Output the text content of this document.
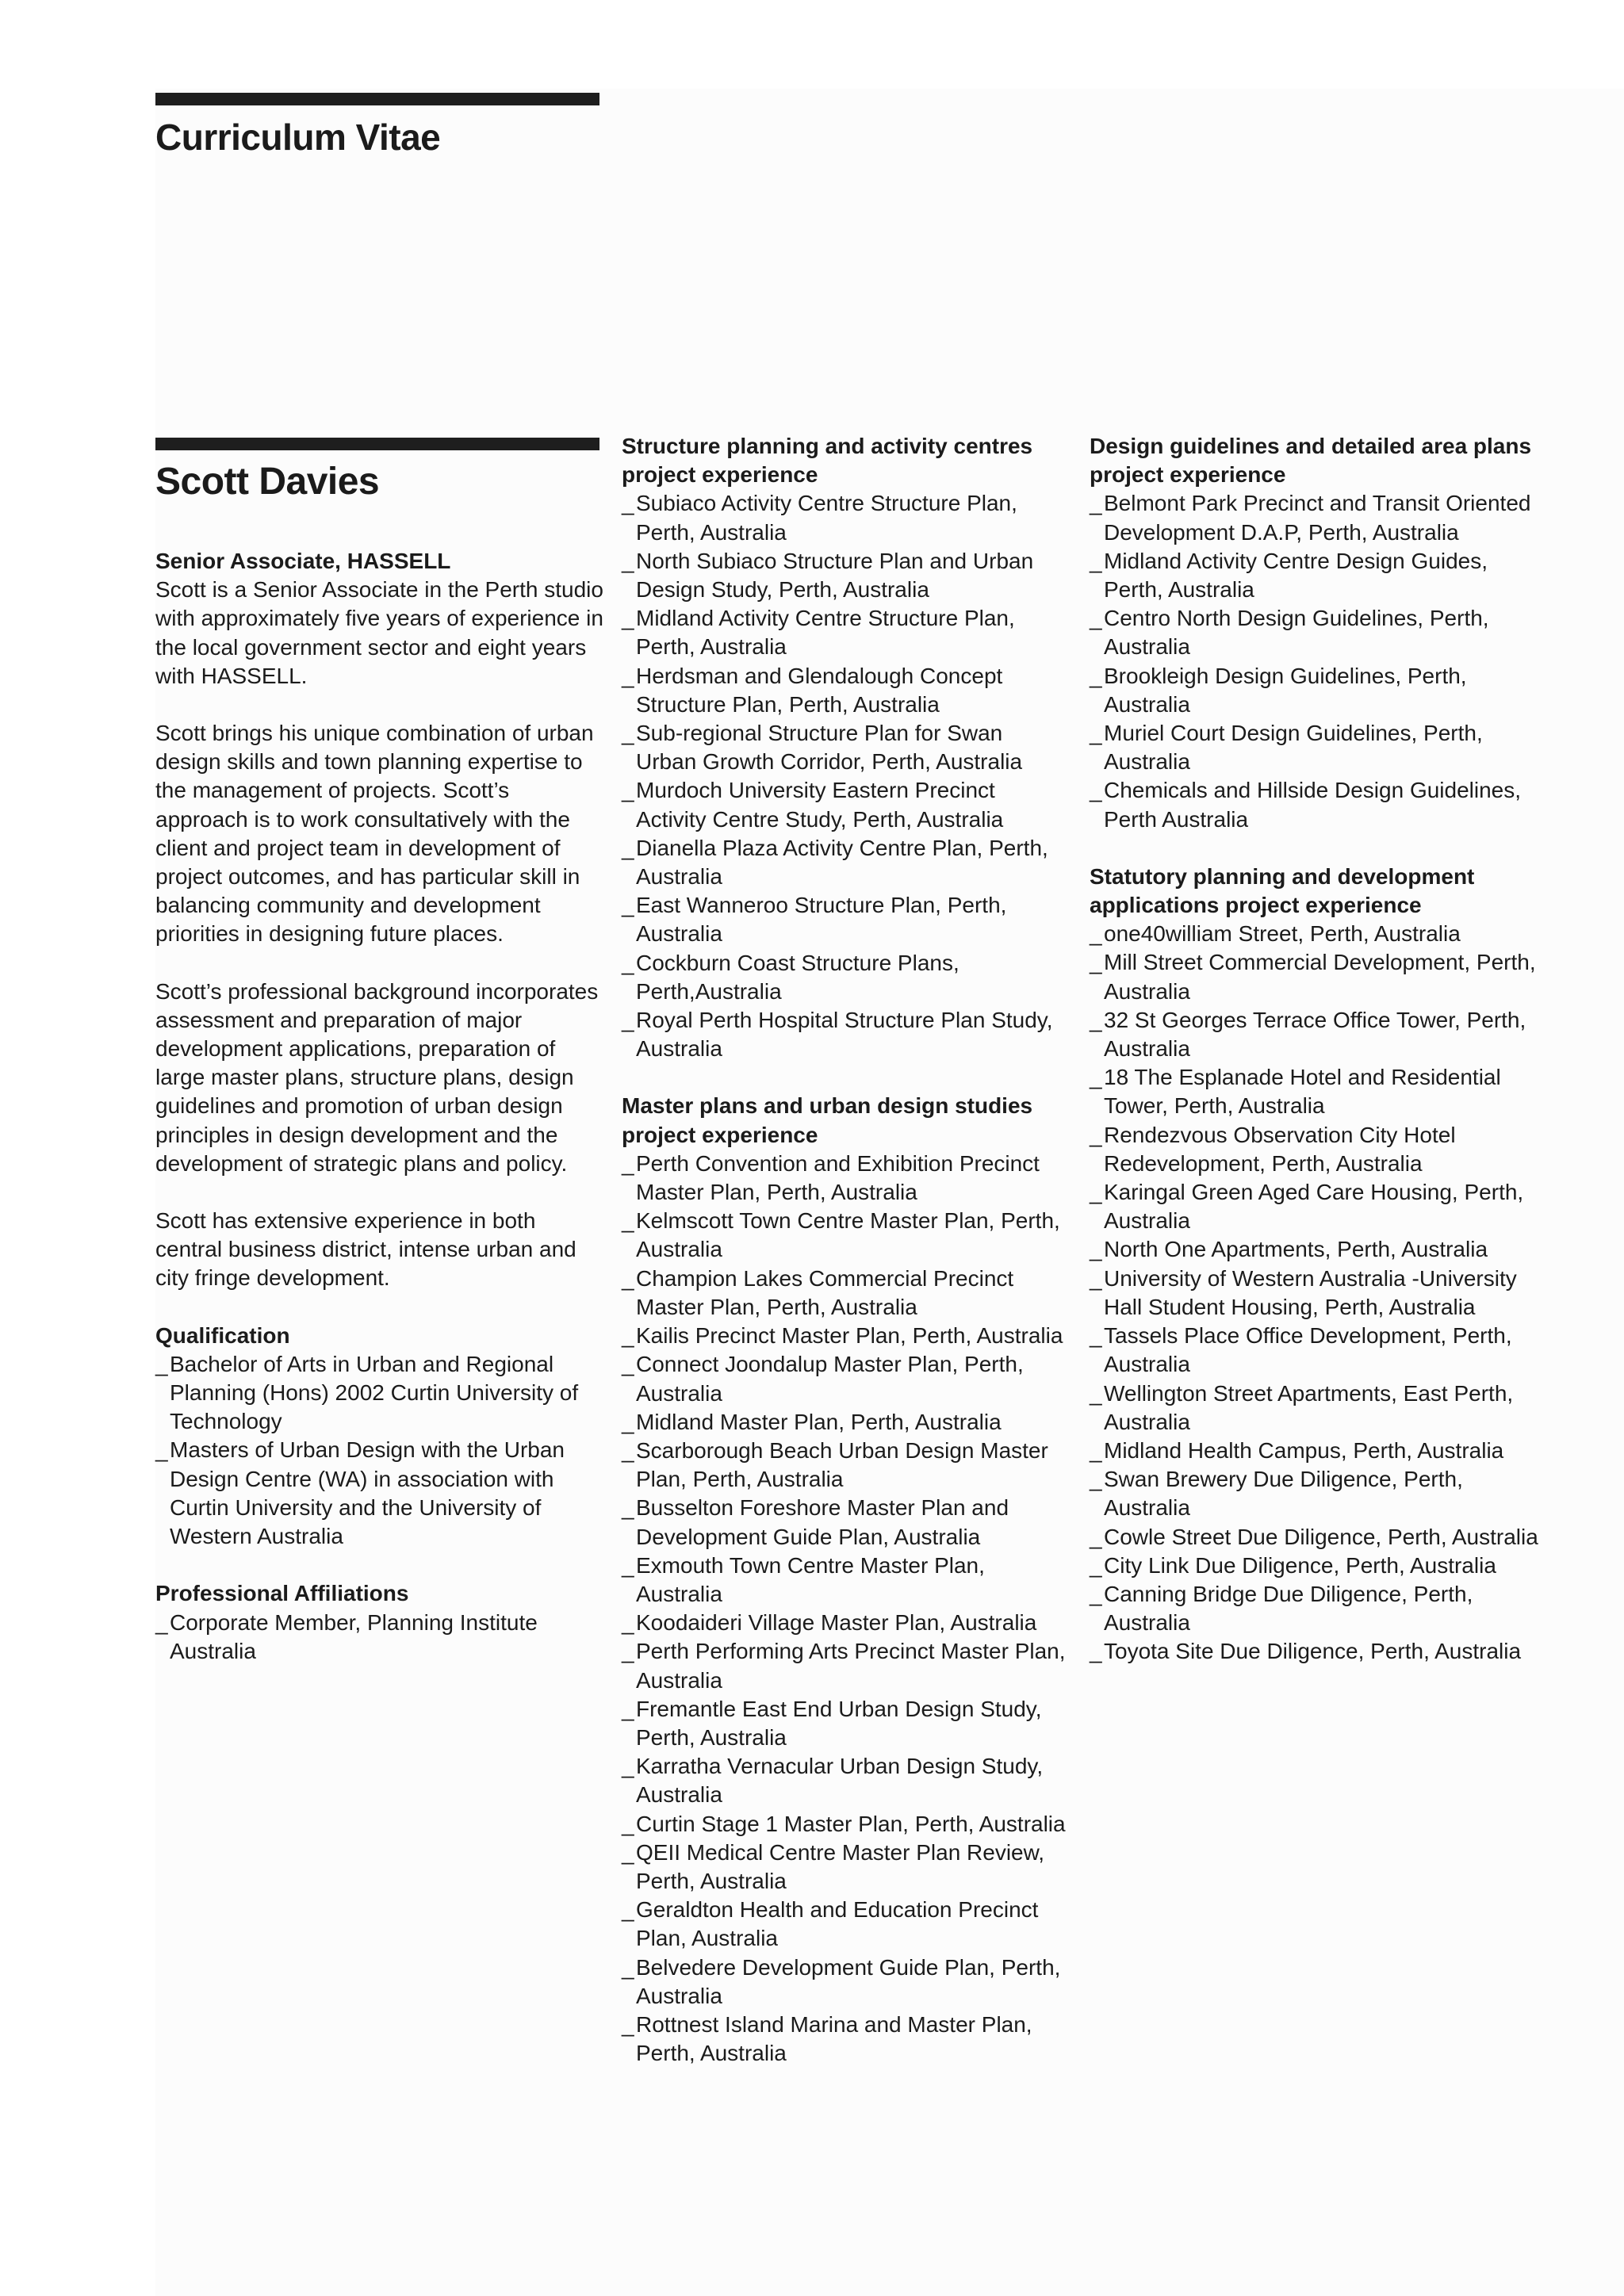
Curriculum Vitae
Scott Davies
Senior Associate, HASSELL

Scott is a Senior Associate in the Perth studio with approximately five years of experience in the local government sector and eight years with HASSELL.

Scott brings his unique combination of urban design skills and town planning expertise to the management of projects. Scott’s approach is to work consultatively with the client and project team in development of project outcomes, and has particular skill in balancing community and development priorities in designing future places.

Scott’s professional background incorporates assessment and preparation of major development applications, preparation of large master plans, structure plans, design guidelines and promotion of urban design principles in design development and the development of strategic plans and policy.

Scott has extensive experience in both central business district, intense urban and city fringe development.

Qualification
_ Bachelor of Arts in Urban and Regional Planning (Hons) 2002 Curtin University of Technology
_ Masters of Urban Design with the Urban Design Centre (WA) in association with Curtin University and the University of Western Australia
Professional Affiliations
_ Corporate Member, Planning Institute Australia
Structure planning and activity centres project experience
_ Subiaco Activity Centre Structure Plan, Perth, Australia
_ North Subiaco Structure Plan and Urban Design Study, Perth, Australia
_ Midland Activity Centre Structure Plan, Perth, Australia
_ Herdsman and Glendalough Concept Structure Plan, Perth, Australia
_ Sub-regional Structure Plan for Swan Urban Growth Corridor, Perth, Australia
_ Murdoch University Eastern Precinct Activity Centre Study, Perth, Australia
_ Dianella Plaza Activity Centre Plan, Perth, Australia
_ East Wanneroo Structure Plan, Perth, Australia
_ Cockburn Coast Structure Plans, Perth,Australia
_ Royal Perth Hospital Structure Plan Study, Australia
Master plans and urban design studies project experience
_ Perth Convention and Exhibition Precinct Master Plan, Perth, Australia
_ Kelmscott Town Centre Master Plan, Perth, Australia
_ Champion Lakes Commercial Precinct Master Plan, Perth, Australia
_ Kailis Precinct Master Plan, Perth, Australia
_ Connect Joondalup Master Plan, Perth, Australia
_ Midland Master Plan, Perth, Australia
_ Scarborough Beach Urban Design Master Plan, Perth, Australia
_ Busselton Foreshore Master Plan and Development Guide Plan, Australia
_ Exmouth Town Centre Master Plan, Australia
_ Koodaideri Village Master Plan, Australia
_ Perth Performing Arts Precinct Master Plan, Australia
_ Fremantle East End Urban Design Study, Perth, Australia
_ Karratha Vernacular Urban Design Study, Australia
_ Curtin Stage 1 Master Plan, Perth, Australia
_ QEII Medical Centre Master Plan Review, Perth, Australia
_ Geraldton Health and Education Precinct Plan, Australia
_ Belvedere Development Guide Plan, Perth, Australia
_ Rottnest Island Marina and Master Plan, Perth, Australia
Design guidelines and detailed area plans project experience
_ Belmont Park Precinct and Transit Oriented Development D.A.P, Perth, Australia
_ Midland Activity Centre Design Guides, Perth, Australia
_ Centro North Design Guidelines, Perth, Australia
_ Brookleigh Design Guidelines, Perth, Australia
_ Muriel Court Design Guidelines, Perth, Australia
_ Chemicals and Hillside Design Guidelines, Perth Australia
Statutory planning and development applications project experience
_ one40william Street, Perth, Australia
_ Mill Street Commercial Development, Perth, Australia
_ 32 St Georges Terrace Office Tower, Perth, Australia
_ 18 The Esplanade Hotel and Residential Tower, Perth, Australia
_ Rendezvous Observation City Hotel Redevelopment, Perth, Australia
_ Karingal Green Aged Care Housing, Perth, Australia
_ North One Apartments, Perth, Australia
_ University of Western Australia -University Hall Student Housing, Perth, Australia
_ Tassels Place Office Development, Perth, Australia
_ Wellington Street Apartments, East Perth, Australia
_ Midland Health Campus, Perth, Australia
_ Swan Brewery Due Diligence, Perth, Australia
_ Cowle Street Due Diligence, Perth, Australia
_ City Link Due Diligence, Perth, Australia
_ Canning Bridge Due Diligence, Perth, Australia
_ Toyota Site Due Diligence, Perth, Australia
